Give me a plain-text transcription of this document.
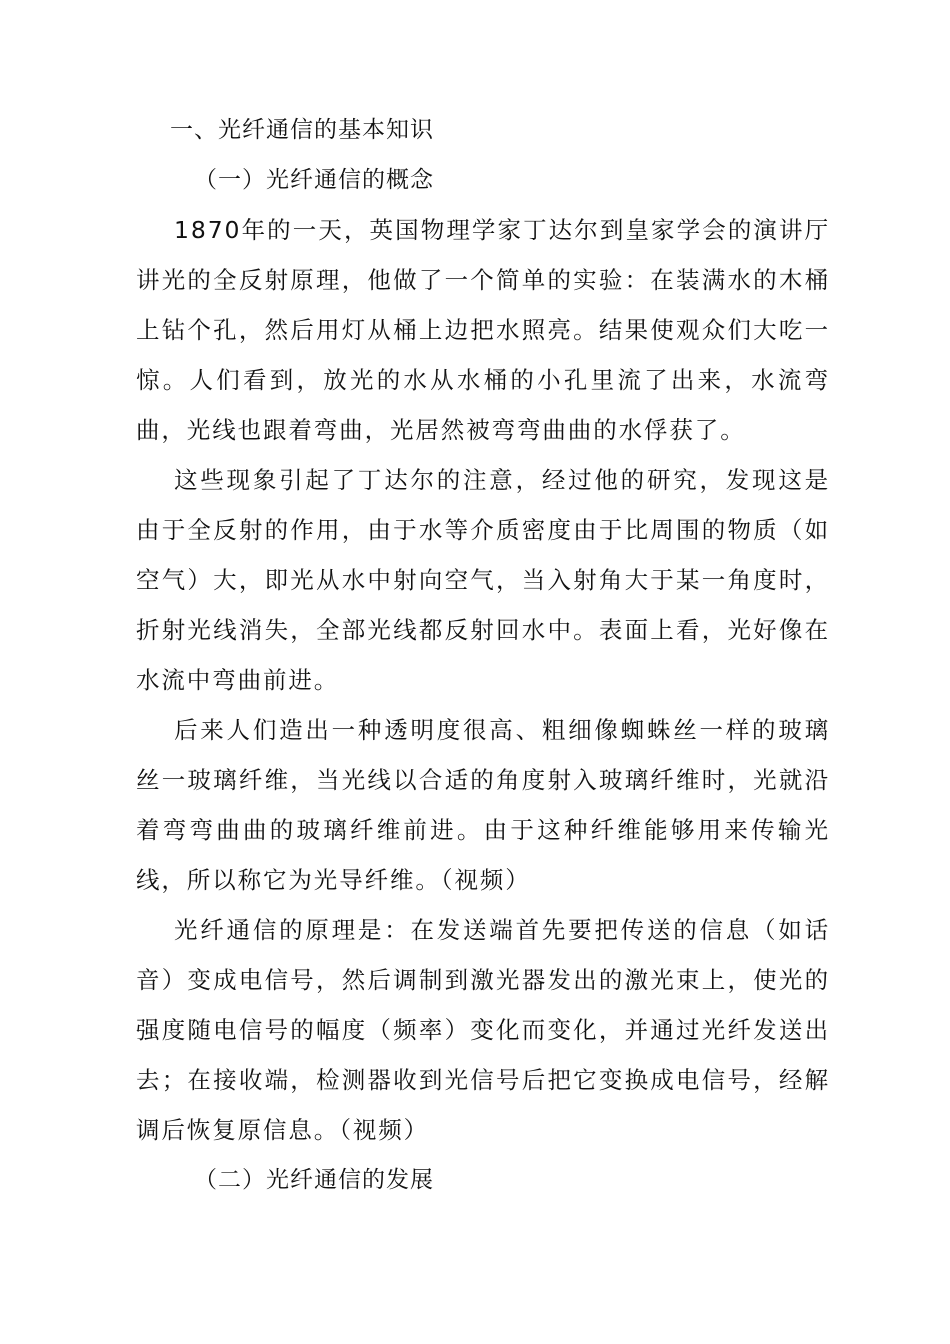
一、光纤通信的基本知识
（一）光纤通信的概念

1870年的一天，英国物理学家丁达尔到皇家学会的演讲厅讲光的全反射原理，他做了一个简单的实验：在装满水的木桶上钻个孔，然后用灯从桶上边把水照亮。结果使观众们大吃一惊。人们看到，放光的水从水桶的小孔里流了出来，水流弯曲，光线也跟着弯曲，光居然被弯弯曲曲的水俘获了。

这些现象引起了丁达尔的注意，经过他的研究，发现这是由于全反射的作用，由于水等介质密度由于比周围的物质（如空气）大，即光从水中射向空气，当入射角大于某一角度时，折射光线消失，全部光线都反射回水中。表面上看，光好像在水流中弯曲前进。

后来人们造出一种透明度很高、粗细像蜘蛛丝一样的玻璃丝一玻璃纤维，当光线以合适的角度射入玻璃纤维时，光就沿着弯弯曲曲的玻璃纤维前进。由于这种纤维能够用来传输光线，所以称它为光导纤维。（视频）

光纤通信的原理是：在发送端首先要把传送的信息（如话音）变成电信号，然后调制到激光器发出的激光束上，使光的强度随电信号的幅度（频率）变化而变化，并通过光纤发送出去；在接收端，检测器收到光信号后把它变换成电信号，经解调后恢复原信息。（视频）

（二）光纤通信的发展
